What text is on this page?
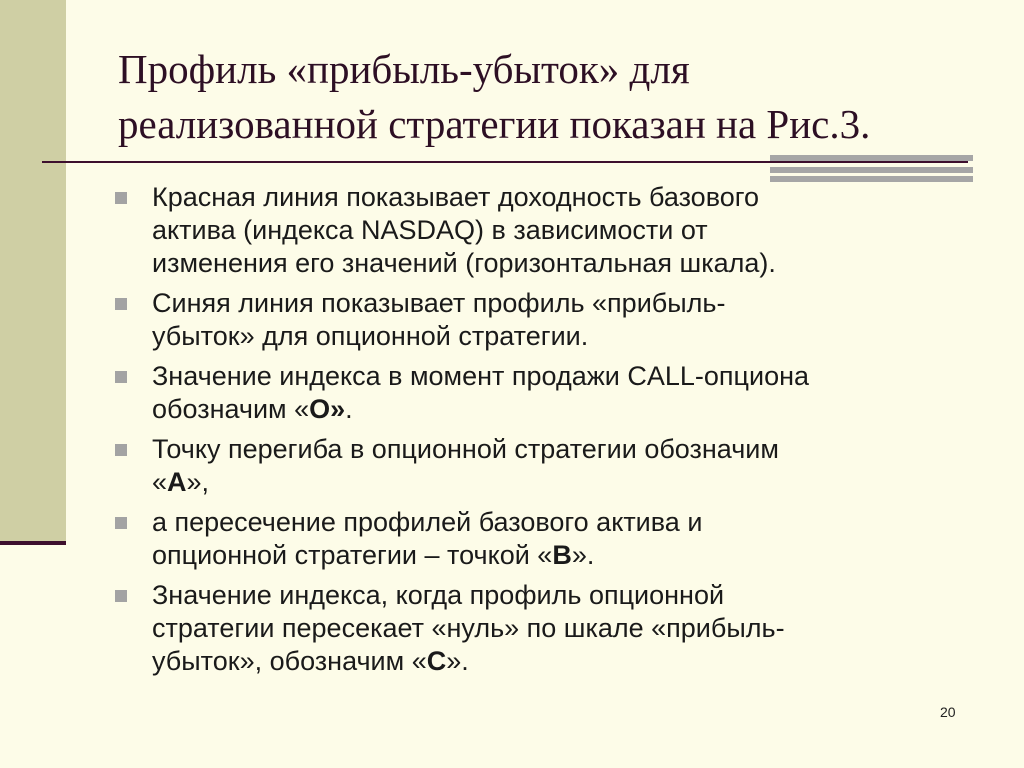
Профиль «прибыль-убыток» для
реализованной стратегии показан на Рис.3.
Красная линия показывает доходность базового
актива (индекса NASDAQ) в зависимости от
изменения его значений (горизонтальная шкала).
Синяя линия показывает профиль «прибыль-
убыток» для опционной стратегии.
Значение индекса в момент продажи CALL-опциона
обозначим «О».
Точку перегиба в опционной стратегии обозначим
«А»,
а пересечение профилей базового актива и
опционной стратегии – точкой «В».
Значение индекса, когда профиль опционной
стратегии пересекает «нуль» по шкале «прибыль-
убыток», обозначим «С».
20
